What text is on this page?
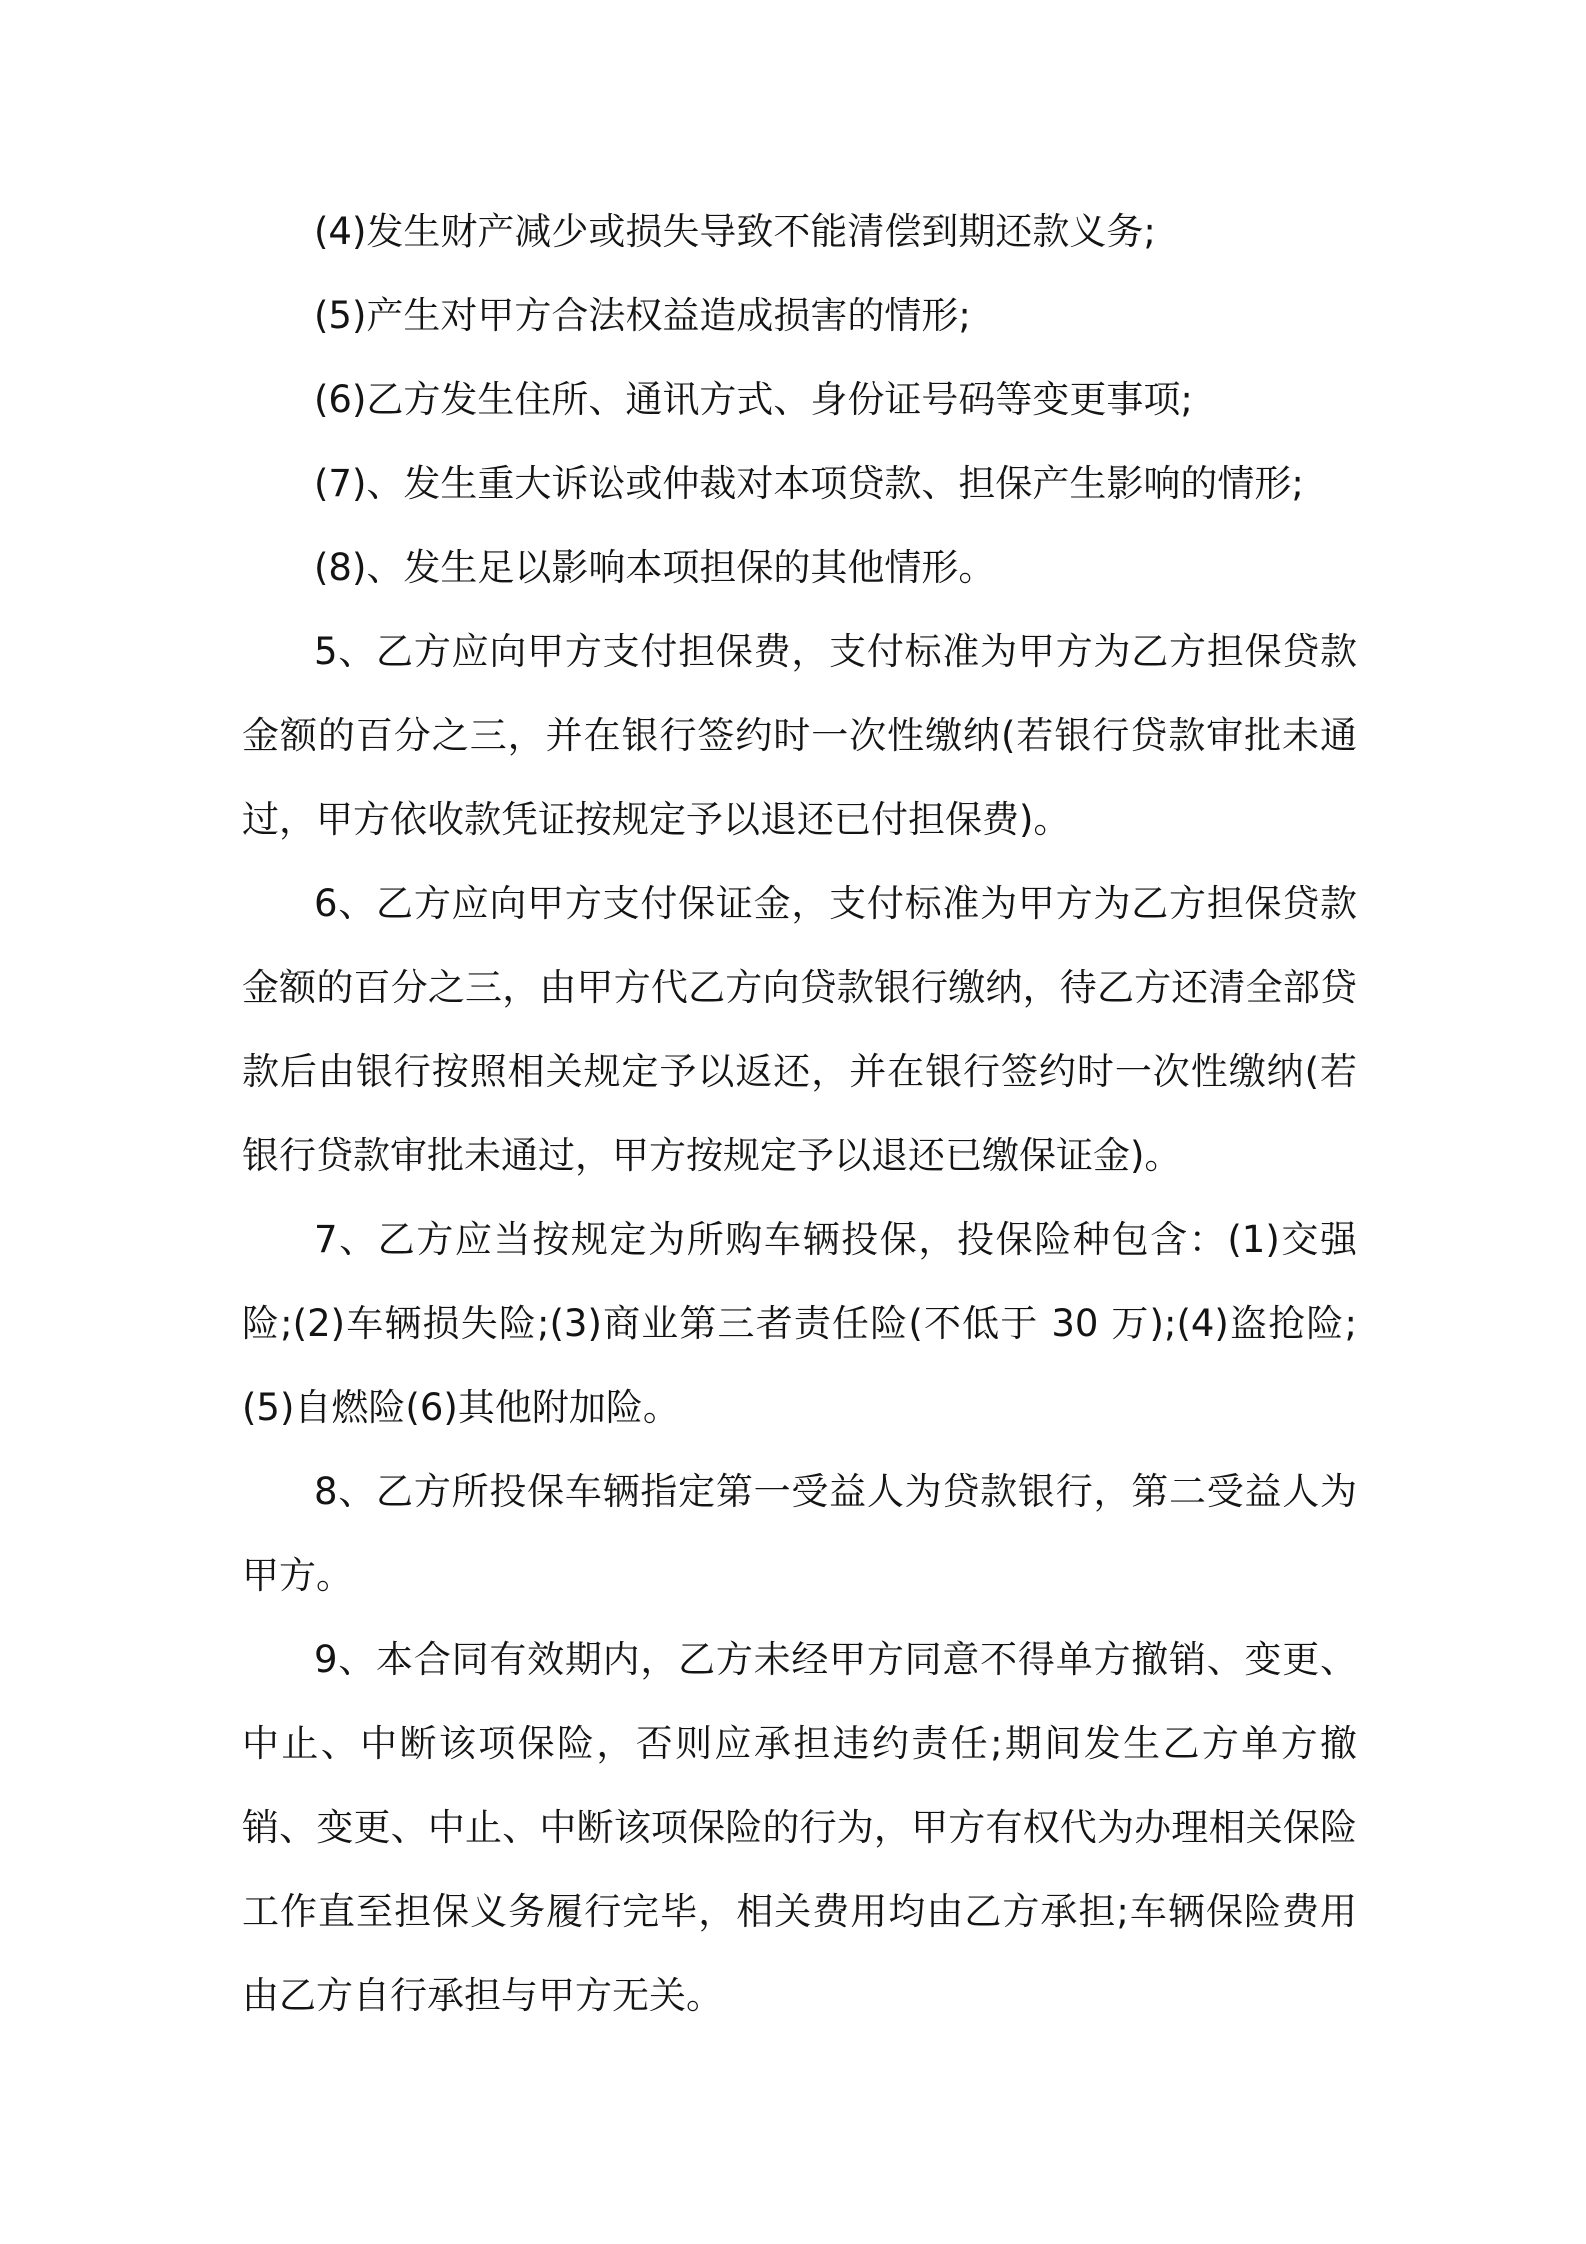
(4)发生财产减少或损失导致不能清偿到期还款义务;

(5)产生对甲方合法权益造成损害的情形;

(6)乙方发生住所、通讯方式、身份证号码等变更事项;

(7)、发生重大诉讼或仲裁对本项贷款、担保产生影响的情形;

(8)、发生足以影响本项担保的其他情形。

5、乙方应向甲方支付担保费，支付标准为甲方为乙方担保贷款金额的百分之三，并在银行签约时一次性缴纳(若银行贷款审批未通过，甲方依收款凭证按规定予以退还已付担保费)。

6、乙方应向甲方支付保证金，支付标准为甲方为乙方担保贷款金额的百分之三，由甲方代乙方向贷款银行缴纳，待乙方还清全部贷款后由银行按照相关规定予以返还，并在银行签约时一次性缴纳(若银行贷款审批未通过，甲方按规定予以退还已缴保证金)。

7、乙方应当按规定为所购车辆投保，投保险种包含：(1)交强险;(2)车辆损失险;(3)商业第三者责任险(不低于 30 万);(4)盗抢险;(5)自燃险(6)其他附加险。

8、乙方所投保车辆指定第一受益人为贷款银行，第二受益人为甲方。

9、本合同有效期内，乙方未经甲方同意不得单方撤销、变更、中止、中断该项保险，否则应承担违约责任;期间发生乙方单方撤销、变更、中止、中断该项保险的行为，甲方有权代为办理相关保险工作直至担保义务履行完毕，相关费用均由乙方承担;车辆保险费用由乙方自行承担与甲方无关。
